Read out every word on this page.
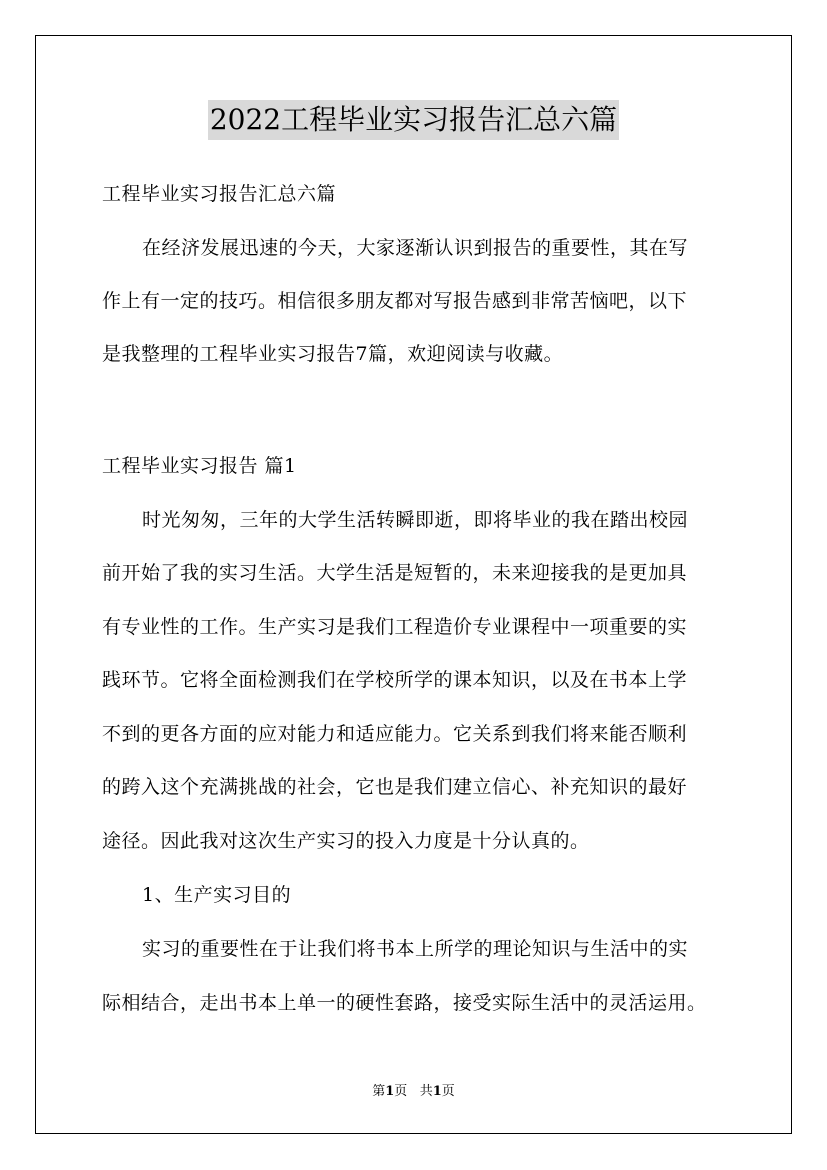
2022工程毕业实习报告汇总六篇
工程毕业实习报告汇总六篇
在经济发展迅速的今天，大家逐渐认识到报告的重要性，其在写
作上有一定的技巧。相信很多朋友都对写报告感到非常苦恼吧，以下
是我整理的工程毕业实习报告7篇，欢迎阅读与收藏。
工程毕业实习报告 篇1
时光匆匆，三年的大学生活转瞬即逝，即将毕业的我在踏出校园
前开始了我的实习生活。大学生活是短暂的，未来迎接我的是更加具
有专业性的工作。生产实习是我们工程造价专业课程中一项重要的实
践环节。它将全面检测我们在学校所学的课本知识，以及在书本上学
不到的更各方面的应对能力和适应能力。它关系到我们将来能否顺利
的跨入这个充满挑战的社会，它也是我们建立信心、补充知识的最好
途径。因此我对这次生产实习的投入力度是十分认真的。
1、生产实习目的
实习的重要性在于让我们将书本上所学的理论知识与生活中的实
际相结合，走出书本上单一的硬性套路，接受实际生活中的灵活运用。
第1页 共1页
